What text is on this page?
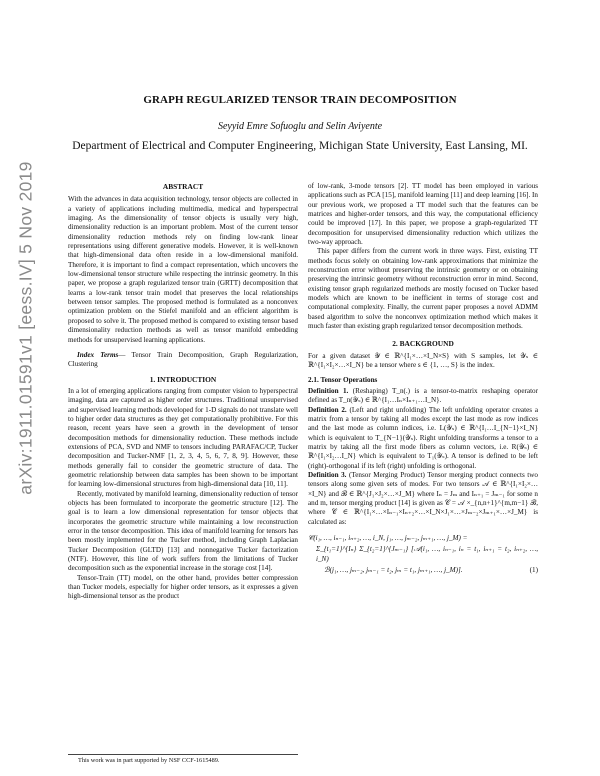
arXiv:1911.01591v1 [eess.IV] 5 Nov 2019
GRAPH REGULARIZED TENSOR TRAIN DECOMPOSITION
Seyyid Emre Sofuoglu and Selin Aviyente
Department of Electrical and Computer Engineering, Michigan State University, East Lansing, MI.

ABSTRACT

With the advances in data acquisition technology, tensor objects are collected in a variety of applications including multimedia, medical and hyperspectral imaging. As the dimensionality of tensor objects is usually very high, dimensionality reduction is an important problem. Most of the current tensor dimensionality reduction methods rely on finding low-rank linear representations using different generative models. However, it is well-known that high-dimensional data often reside in a low-dimensional manifold. Therefore, it is important to find a compact representation, which uncovers the low-dimensional tensor structure while respecting the intrinsic geometry. In this paper, we propose a graph regularized tensor train (GRTT) decomposition that learns a low-rank tensor train model that preserves the local relationships between tensor samples. The proposed method is formulated as a nonconvex optimization problem on the Stiefel manifold and an efficient algorithm is proposed to solve it. The proposed method is compared to existing tensor based dimensionality reduction methods as well as tensor manifold embedding methods for unsupervised learning applications.

Index Terms— Tensor Train Decomposition, Graph Regularization, Clustering

1. INTRODUCTION

In a lot of emerging applications ranging from computer vision to hyperspectral imaging, data are captured as higher order structures. Traditional unsupervised and supervised learning methods developed for 1-D signals do not translate well to higher order data structures as they get computationally prohibitive. For this reason, recent years have seen a growth in the development of tensor decomposition methods for dimensionality reduction. These methods include extensions of PCA, SVD and NMF to tensors including PARAFAC/CP, Tucker decomposition and Tucker-NMF [1, 2, 3, 4, 5, 6, 7, 8, 9]. However, these methods generally fail to consider the geometric structure of data. The geometric relationship between data samples has been shown to be important for learning low-dimensional structures from high-dimensional data [10, 11].

Recently, motivated by manifold learning, dimensionality reduction of tensor objects has been formulated to incorporate the geometric structure [12]. The goal is to learn a low dimensional representation for tensor objects that incorporates the geometric structure while maintaining a low reconstruction error in the tensor decomposition. This idea of manifold learning for tensors has been mostly implemented for the Tucker method, including Graph Laplacian Tucker Decomposition (GLTD) [13] and nonnegative Tucker factorization (NTF). However, this line of work suffers from the limitations of Tucker decomposition such as the exponential increase in the storage cost [14].

Tensor-Train (TT) model, on the other hand, provides better compression than Tucker models, especially for higher order tensors, as it expresses a given high-dimensional tensor as the product

This work was in part supported by NSF CCF-1615489.

of low-rank, 3-mode tensors [2]. TT model has been employed in various applications such as PCA [15], manifold learning [11] and deep learning [16]. In our previous work, we proposed a TT model such that the features can be matrices and higher-order tensors, and this way, the computational efficiency could be improved [17]. In this paper, we propose a graph-regularized TT decomposition for unsupervised dimensionality reduction which utilizes the two-way approach.

This paper differs from the current work in three ways. First, existing TT methods focus solely on obtaining low-rank approximations that minimize the reconstruction error without preserving the intrinsic geometry or on obtaining preserving the intrinsic geometry without reconstruction error in mind. Second, existing tensor graph regularized methods are mostly focused on Tucker based models which are known to be inefficient in terms of storage cost and computational complexity. Finally, the current paper proposes a novel ADMM based algorithm to solve the nonconvex optimization method which makes it much faster than existing graph regularized tensor decomposition methods.

2. BACKGROUND

For a given dataset 𝒴 ∈ ℝ^{I₁×…×I_N×S} with S samples, let 𝒴ₛ ∈ ℝ^{I₁×I₂×…×I_N} be a tensor where s ∈ {1, …, S} is the index.

2.1. Tensor Operations

Definition 1. (Reshaping) T_n(.) is a tensor-to-matrix reshaping operator defined as T_n(𝒴ₛ) ∈ ℝ^{I₁…Iₙ×Iₙ₊₁…I_N}.

Definition 2. (Left and right unfolding) The left unfolding operator creates a matrix from a tensor by taking all modes except the last mode as row indices and the last mode as column indices, i.e. L(𝒴ₛ) ∈ ℝ^{I₁…I_{N−1}×I_N} which is equivalent to T_{N−1}(𝒴ₛ). Right unfolding transforms a tensor to a matrix by taking all the first mode fibers as column vectors, i.e. R(𝒴ₛ) ∈ ℝ^{I₁×I₂…I_N} which is equivalent to T₁(𝒴ₛ). A tensor is defined to be left (right)-orthogonal if its left (right) unfolding is orthogonal.

Definition 3. (Tensor Merging Product) Tensor merging product connects two tensors along some given sets of modes. For two tensors 𝒜 ∈ ℝ^{I₁×I₂×…×I_N} and ℬ ∈ ℝ^{J₁×J₂×…×J_M} where Iₙ = Jₘ and Iₙ₊₁ = Jₘ₋₁ for some n and m, tensor merging product [14] is given as 𝒞 = 𝒜 ×_{n,n+1}^{m,m−1} ℬ, where 𝒞 ∈ ℝ^{I₁×…×Iₙ₋₁×Iₙ₊₂×…×I_N×J₁×…×Jₘ₋₂×Jₘ₊₁×…×J_M} is calculated as:

𝒞(i₁, …, iₙ₋₁, iₙ₊₂, …, i_N, j₁, …, jₘ₋₂, jₘ₊₁, …, j_M) =
Σ_{t₁=1}^{Iₙ} Σ_{t₂=1}^{Jₘ₋₁} [𝒜(i₁, …, iₙ₋₁, iₙ = t₁, iₙ₊₁ = t₂, iₙ₊₂, …, i_N)
ℬ(j₁, …, jₘ₋₂, jₘ₋₁ = t₂, jₘ = t₁, jₘ₊₁, …, j_M)].	(1)
